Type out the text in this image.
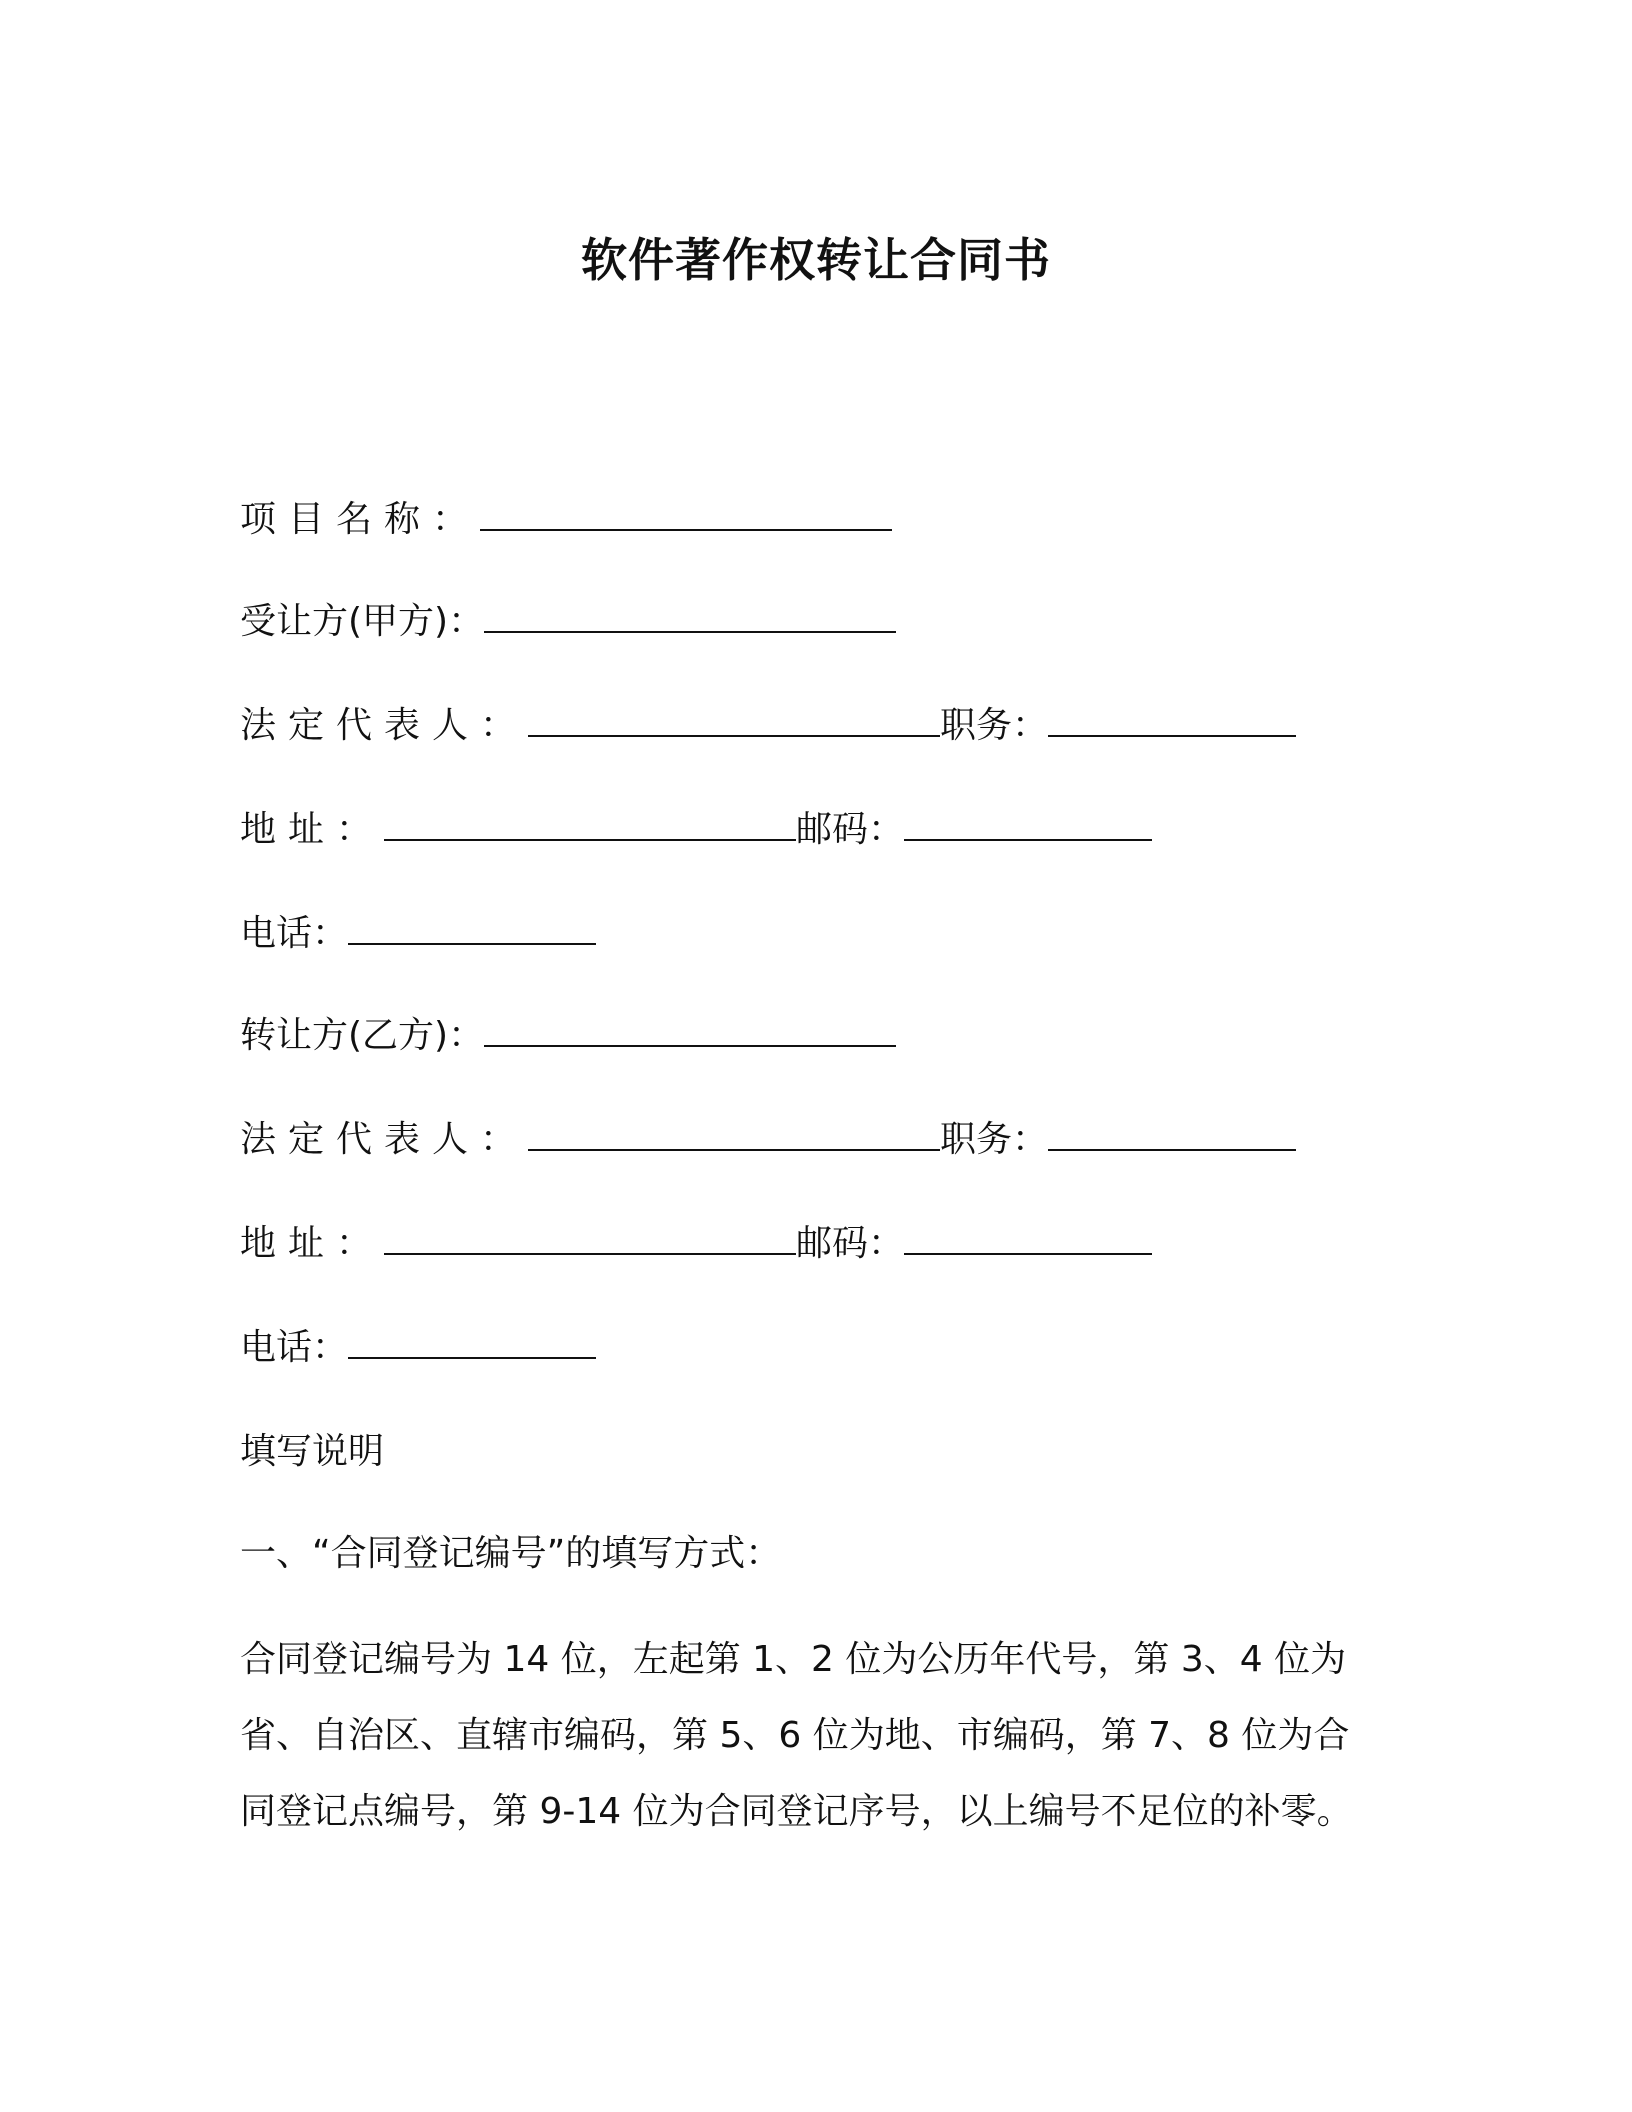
软件著作权转让合同书
项目名称：
受让方(甲方)：
法定代表人：	职务：
地址：	邮码：
电话：
转让方(乙方)：
法定代表人：	职务：
地址：	邮码：
电话：
填写说明
一、“合同登记编号”的填写方式：
合同登记编号为 14 位，左起第 1、2 位为公历年代号，第 3、4 位为
省、自治区、直辖市编码，第 5、6 位为地、市编码，第 7、8 位为合
同登记点编号，第 9-14 位为合同登记序号，以上编号不足位的补零。
